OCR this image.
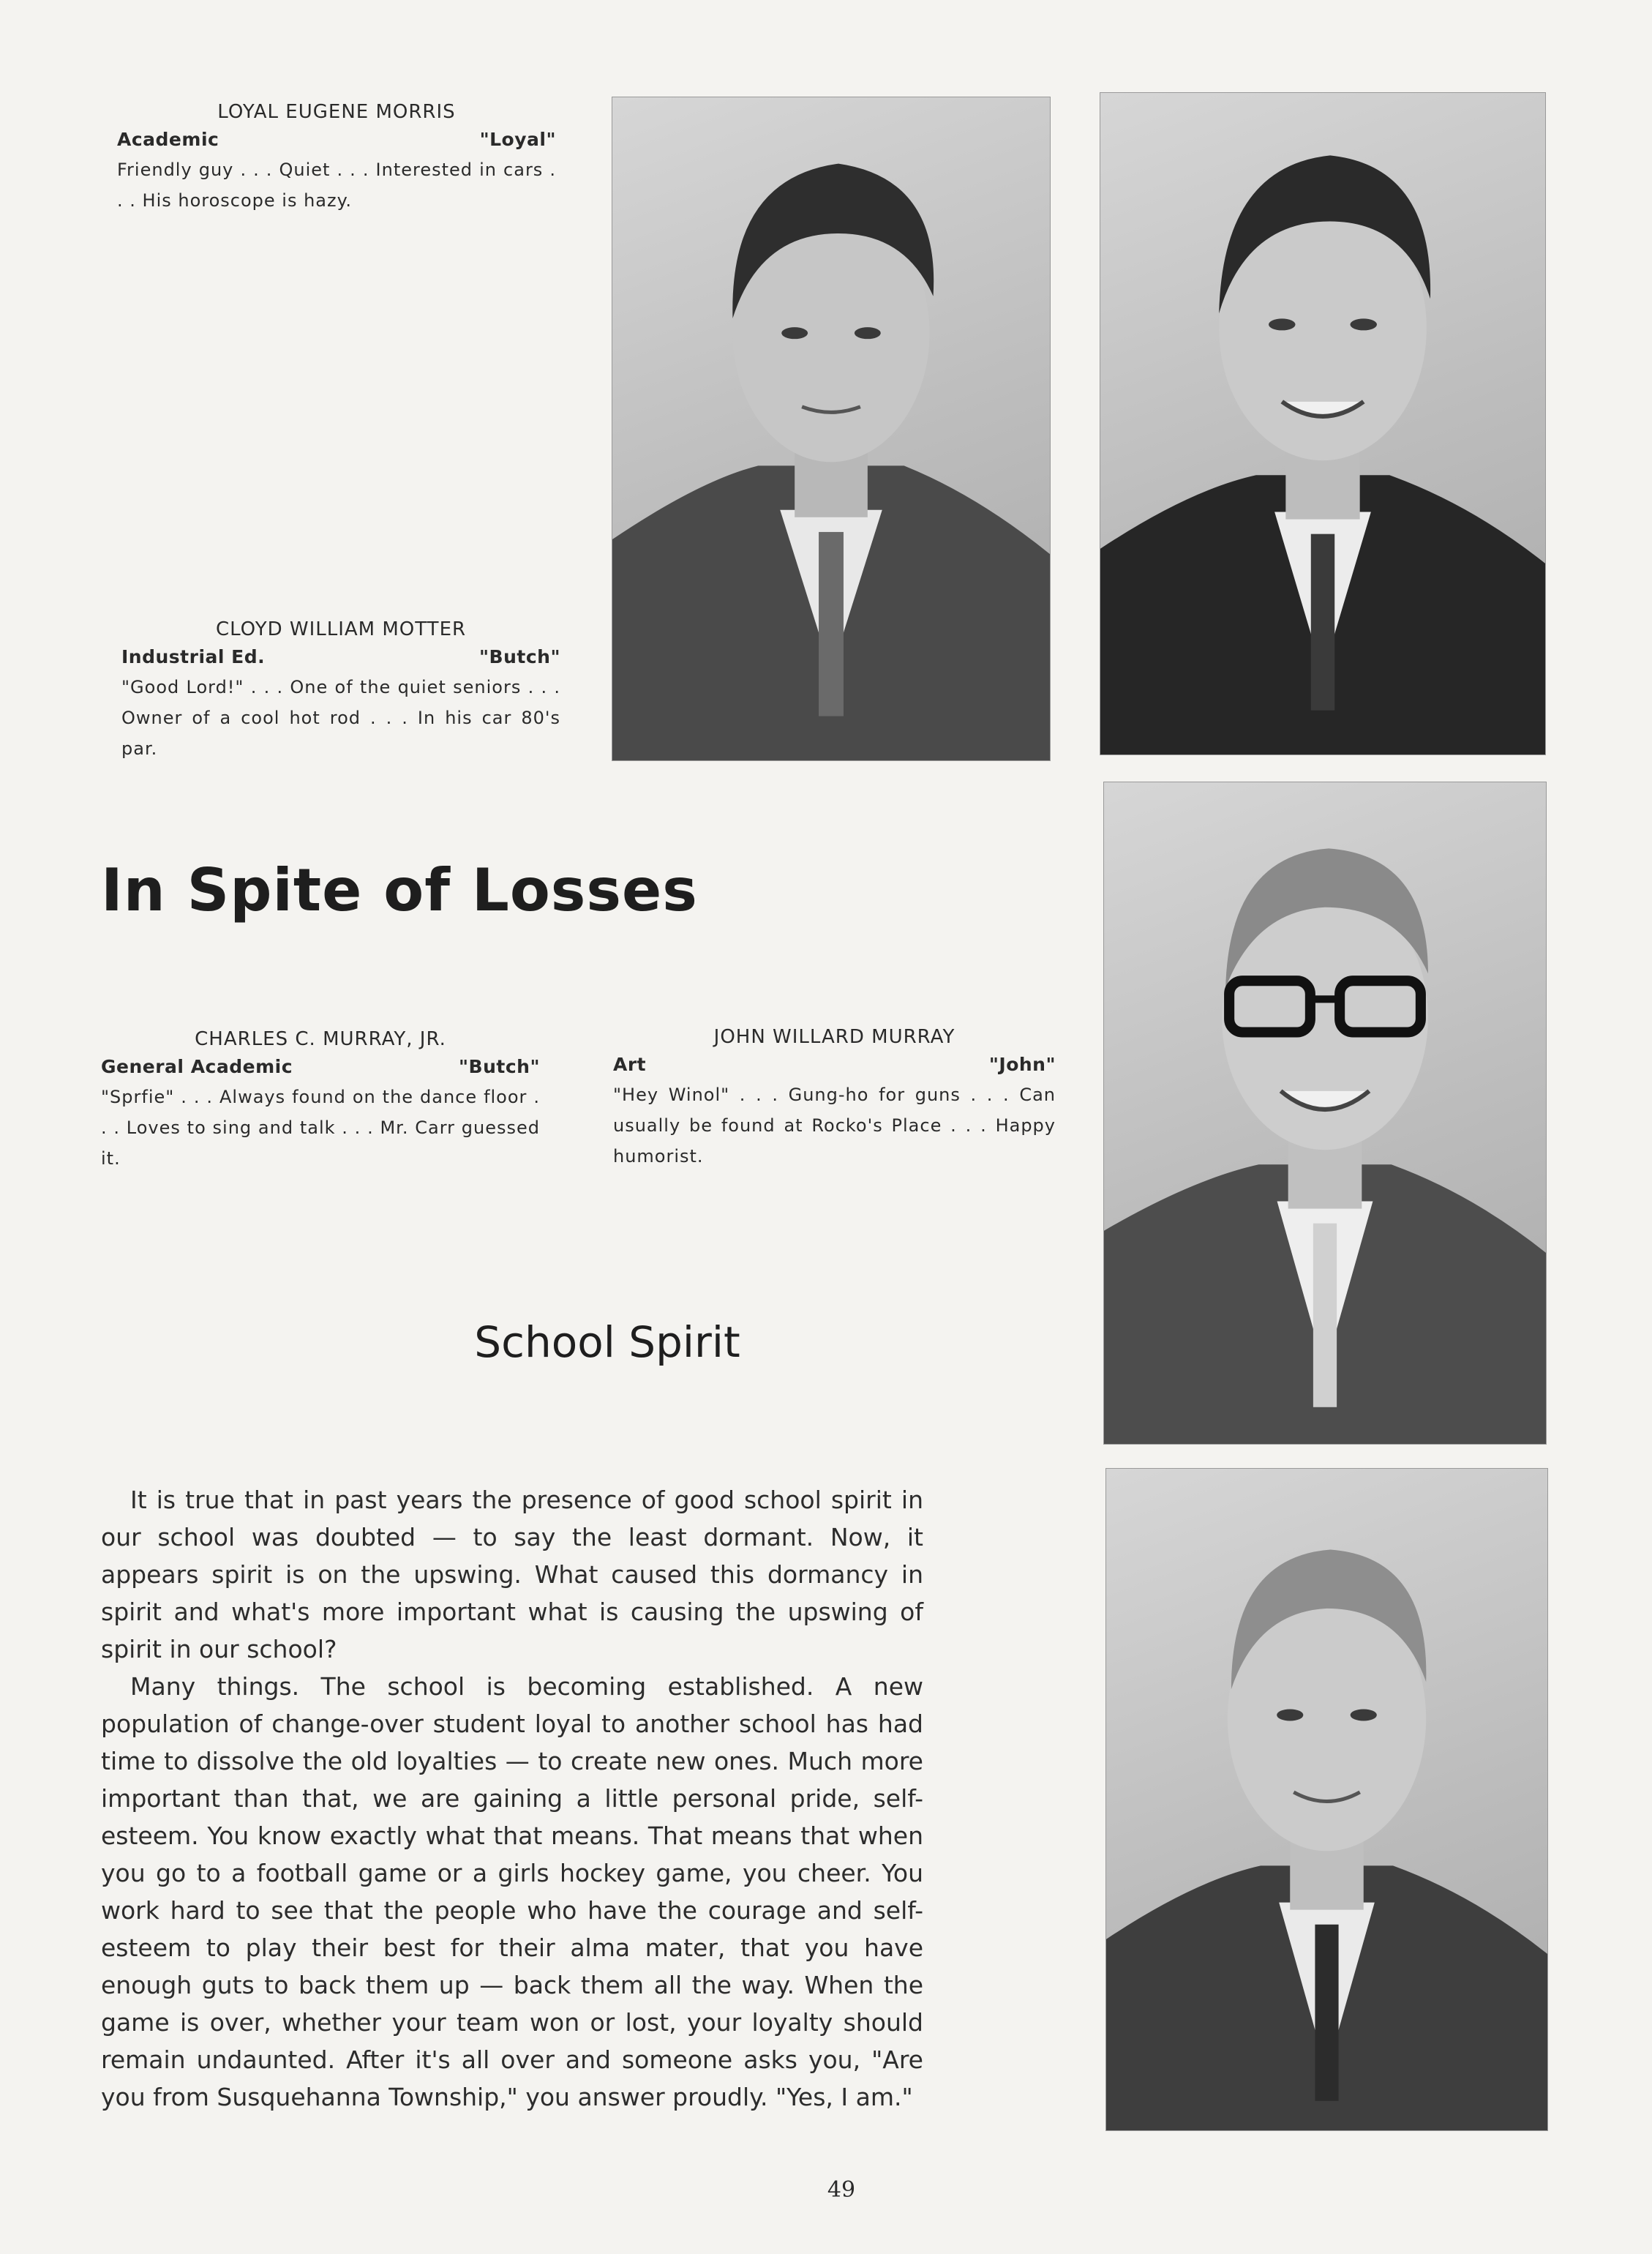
LOYAL EUGENE MORRIS
Academic	"Loyal"
Friendly guy . . . Quiet . . . Interested in cars . . . His horoscope is hazy.
CLOYD WILLIAM MOTTER
Industrial Ed.	"Butch"
"Good Lord!" . . . One of the quiet seniors . . . Owner of a cool hot rod . . . In his car 80's par.
In Spite of Losses
CHARLES C. MURRAY, JR.
General Academic	"Butch"
"Sprfie" . . . Always found on the dance floor . . . Loves to sing and talk . . . Mr. Carr guessed it.
JOHN WILLARD MURRAY
Art	"John"
"Hey Winol" . . . Gung-ho for guns . . . Can usually be found at Rocko's Place . . . Happy humorist.
School Spirit

It is true that in past years the presence of good school spirit in our school was doubted — to say the least dormant. Now, it appears spirit is on the upswing. What caused this dormancy in spirit and what's more important what is causing the upswing of spirit in our school?

Many things. The school is becoming established. A new population of change-over student loyal to another school has had time to dissolve the old loyalties — to create new ones. Much more important than that, we are gaining a little personal pride, self-esteem. You know exactly what that means. That means that when you go to a football game or a girls hockey game, you cheer. You work hard to see that the people who have the courage and self-esteem to play their best for their alma mater, that you have enough guts to back them up — back them all the way. When the game is over, whether your team won or lost, your loyalty should remain undaunted. After it's all over and someone asks you, "Are you from Susquehanna Township," you answer proudly. "Yes, I am."

49
